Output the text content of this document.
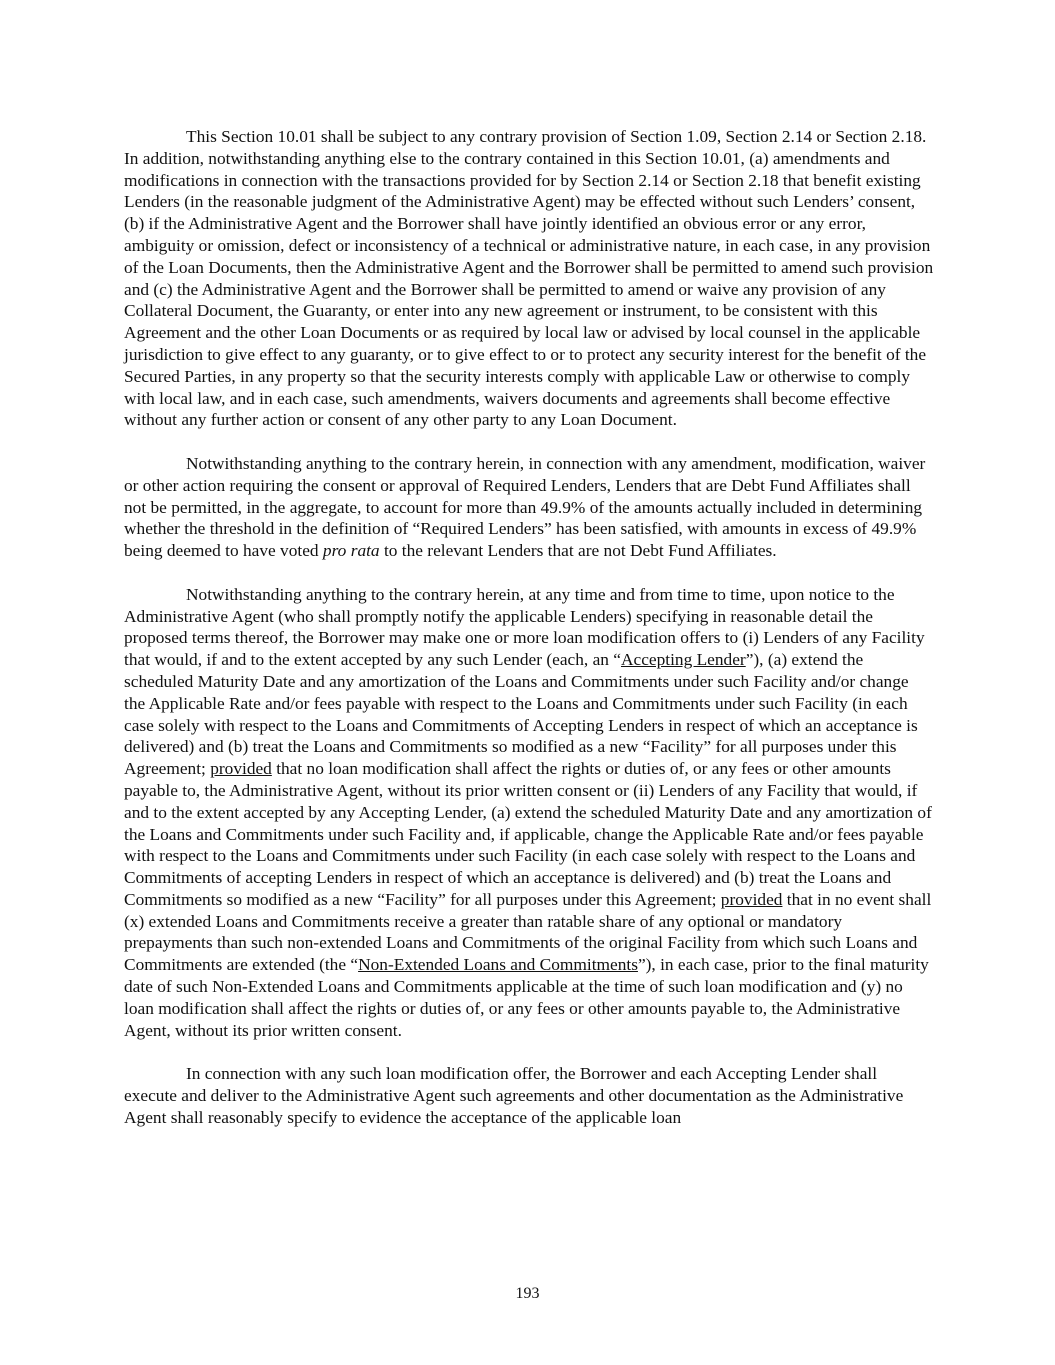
This Section 10.01 shall be subject to any contrary provision of Section 1.09, Section 2.14 or Section 2.18. In addition, notwithstanding anything else to the contrary contained in this Section 10.01, (a) amendments and modifications in connection with the transactions provided for by Section 2.14 or Section 2.18 that benefit existing Lenders (in the reasonable judgment of the Administrative Agent) may be effected without such Lenders’ consent, (b) if the Administrative Agent and the Borrower shall have jointly identified an obvious error or any error, ambiguity or omission, defect or inconsistency of a technical or administrative nature, in each case, in any provision of the Loan Documents, then the Administrative Agent and the Borrower shall be permitted to amend such provision and (c) the Administrative Agent and the Borrower shall be permitted to amend or waive any provision of any Collateral Document, the Guaranty, or enter into any new agreement or instrument, to be consistent with this Agreement and the other Loan Documents or as required by local law or advised by local counsel in the applicable jurisdiction to give effect to any guaranty, or to give effect to or to protect any security interest for the benefit of the Secured Parties, in any property so that the security interests comply with applicable Law or otherwise to comply with local law, and in each case, such amendments, waivers documents and agreements shall become effective without any further action or consent of any other party to any Loan Document.

Notwithstanding anything to the contrary herein, in connection with any amendment, modification, waiver or other action requiring the consent or approval of Required Lenders, Lenders that are Debt Fund Affiliates shall not be permitted, in the aggregate, to account for more than 49.9% of the amounts actually included in determining whether the threshold in the definition of “Required Lenders” has been satisfied, with amounts in excess of 49.9% being deemed to have voted pro rata to the relevant Lenders that are not Debt Fund Affiliates.

Notwithstanding anything to the contrary herein, at any time and from time to time, upon notice to the Administrative Agent (who shall promptly notify the applicable Lenders) specifying in reasonable detail the proposed terms thereof, the Borrower may make one or more loan modification offers to (i) Lenders of any Facility that would, if and to the extent accepted by any such Lender (each, an “Accepting Lender”), (a) extend the scheduled Maturity Date and any amortization of the Loans and Commitments under such Facility and/or change the Applicable Rate and/or fees payable with respect to the Loans and Commitments under such Facility (in each case solely with respect to the Loans and Commitments of Accepting Lenders in respect of which an acceptance is delivered) and (b) treat the Loans and Commitments so modified as a new “Facility” for all purposes under this Agreement; provided that no loan modification shall affect the rights or duties of, or any fees or other amounts payable to, the Administrative Agent, without its prior written consent or (ii) Lenders of any Facility that would, if and to the extent accepted by any Accepting Lender, (a) extend the scheduled Maturity Date and any amortization of the Loans and Commitments under such Facility and, if applicable, change the Applicable Rate and/or fees payable with respect to the Loans and Commitments under such Facility (in each case solely with respect to the Loans and Commitments of accepting Lenders in respect of which an acceptance is delivered) and (b) treat the Loans and Commitments so modified as a new “Facility” for all purposes under this Agreement; provided that in no event shall (x) extended Loans and Commitments receive a greater than ratable share of any optional or mandatory prepayments than such non-extended Loans and Commitments of the original Facility from which such Loans and Commitments are extended (the “Non-Extended Loans and Commitments”), in each case, prior to the final maturity date of such Non-Extended Loans and Commitments applicable at the time of such loan modification and (y) no loan modification shall affect the rights or duties of, or any fees or other amounts payable to, the Administrative Agent, without its prior written consent.

In connection with any such loan modification offer, the Borrower and each Accepting Lender shall execute and deliver to the Administrative Agent such agreements and other documentation as the Administrative Agent shall reasonably specify to evidence the acceptance of the applicable loan

193
